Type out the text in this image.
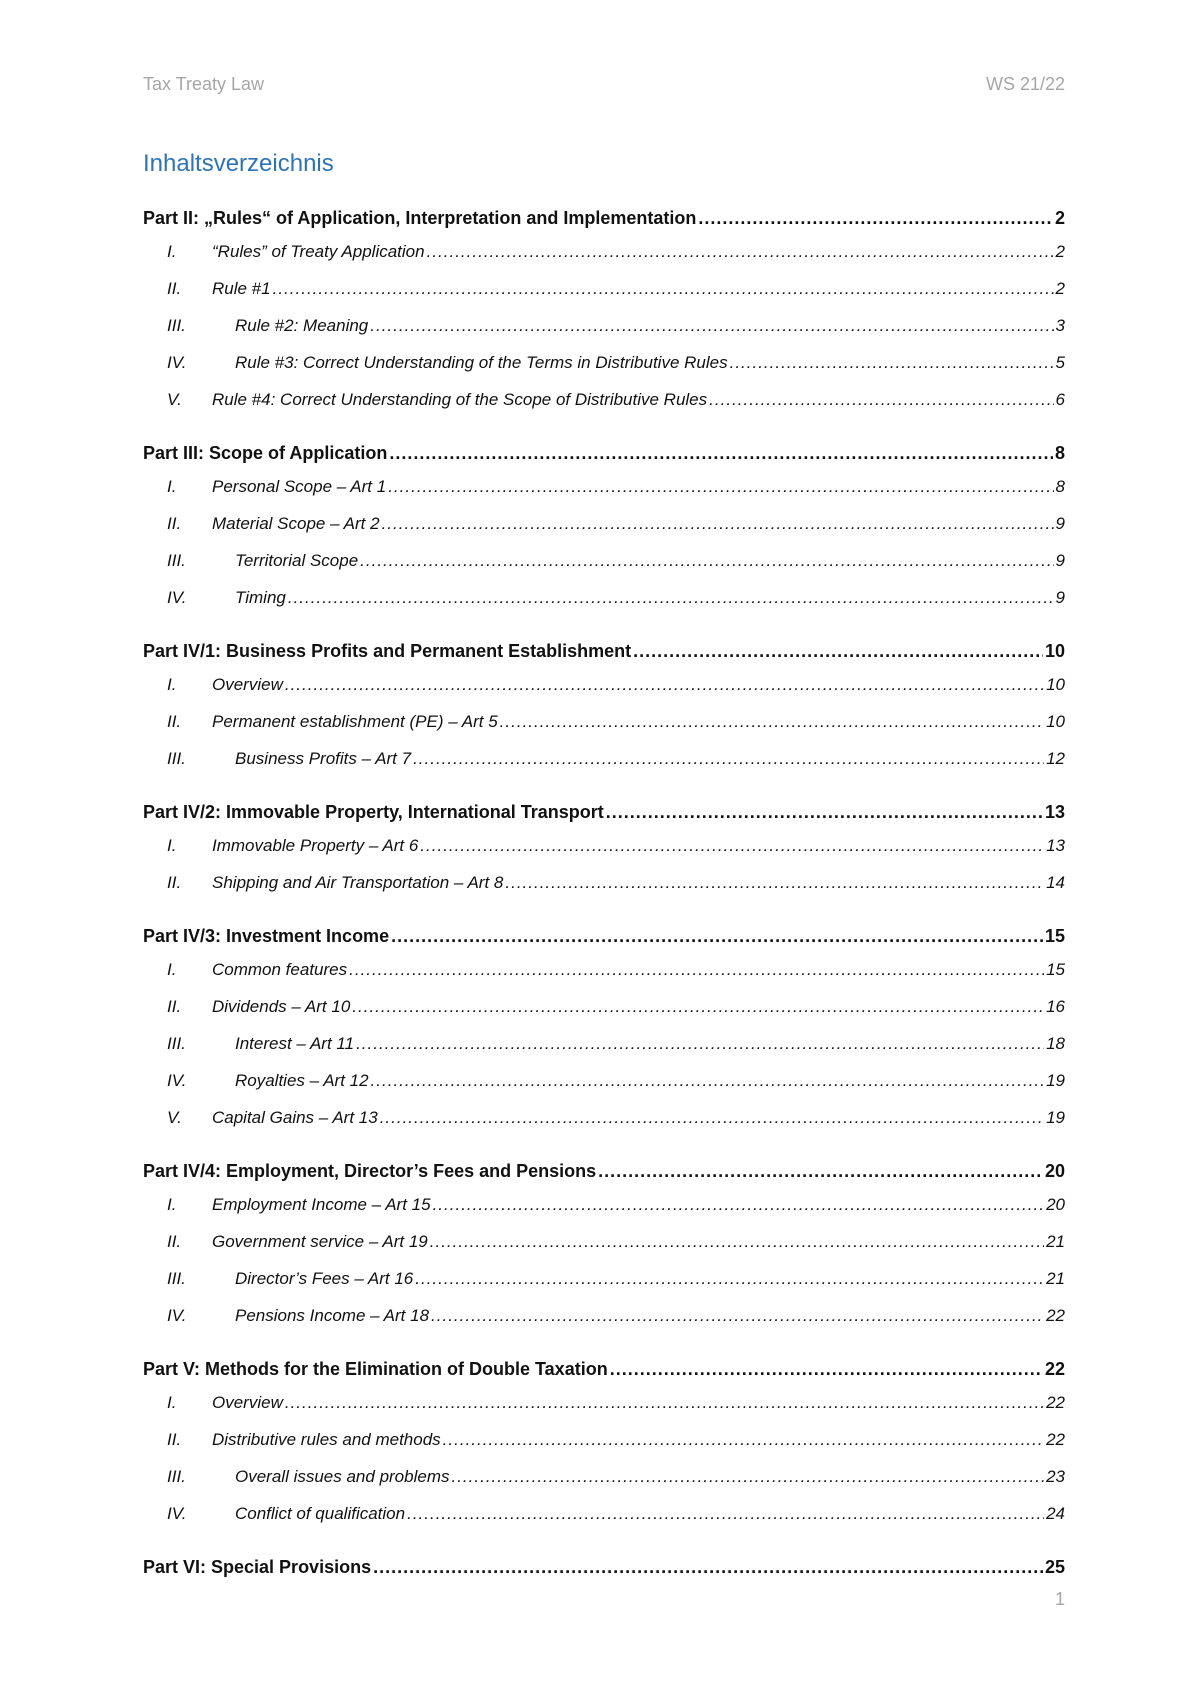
Tax Treaty Law	WS 21/22
Inhaltsverzeichnis
Part II: „Rules“ of Application, Interpretation and Implementation .....	2
I.	“Rules” of Treaty Application .....	2
II.	Rule #1 .....	2
III.	Rule #2: Meaning .....	3
IV.	Rule #3: Correct Understanding of the Terms in Distributive Rules .....	5
V.	Rule #4: Correct Understanding of the Scope of Distributive Rules .....	6
Part III: Scope of Application .....	8
I.	Personal Scope – Art 1 .....	8
II.	Material Scope – Art 2 .....	9
III.	Territorial Scope .....	9
IV.	Timing .....	9
Part IV/1: Business Profits and Permanent Establishment .....	10
I.	Overview .....	10
II.	Permanent establishment (PE) – Art 5 .....	10
III.	Business Profits – Art 7 .....	12
Part IV/2: Immovable Property, International Transport .....	13
I.	Immovable Property – Art 6 .....	13
II.	Shipping and Air Transportation – Art 8 .....	14
Part IV/3: Investment Income .....	15
I.	Common features .....	15
II.	Dividends – Art 10 .....	16
III.	Interest – Art 11 .....	18
IV.	Royalties – Art 12 .....	19
V.	Capital Gains – Art 13 .....	19
Part IV/4: Employment, Director’s Fees and Pensions .....	20
I.	Employment Income – Art 15 .....	20
II.	Government service – Art 19 .....	21
III.	Director’s Fees – Art 16 .....	21
IV.	Pensions Income – Art 18 .....	22
Part V: Methods for the Elimination of Double Taxation .....	22
I.	Overview .....	22
II.	Distributive rules and methods .....	22
III.	Overall issues and problems .....	23
IV.	Conflict of qualification .....	24
Part VI: Special Provisions .....	25
1
